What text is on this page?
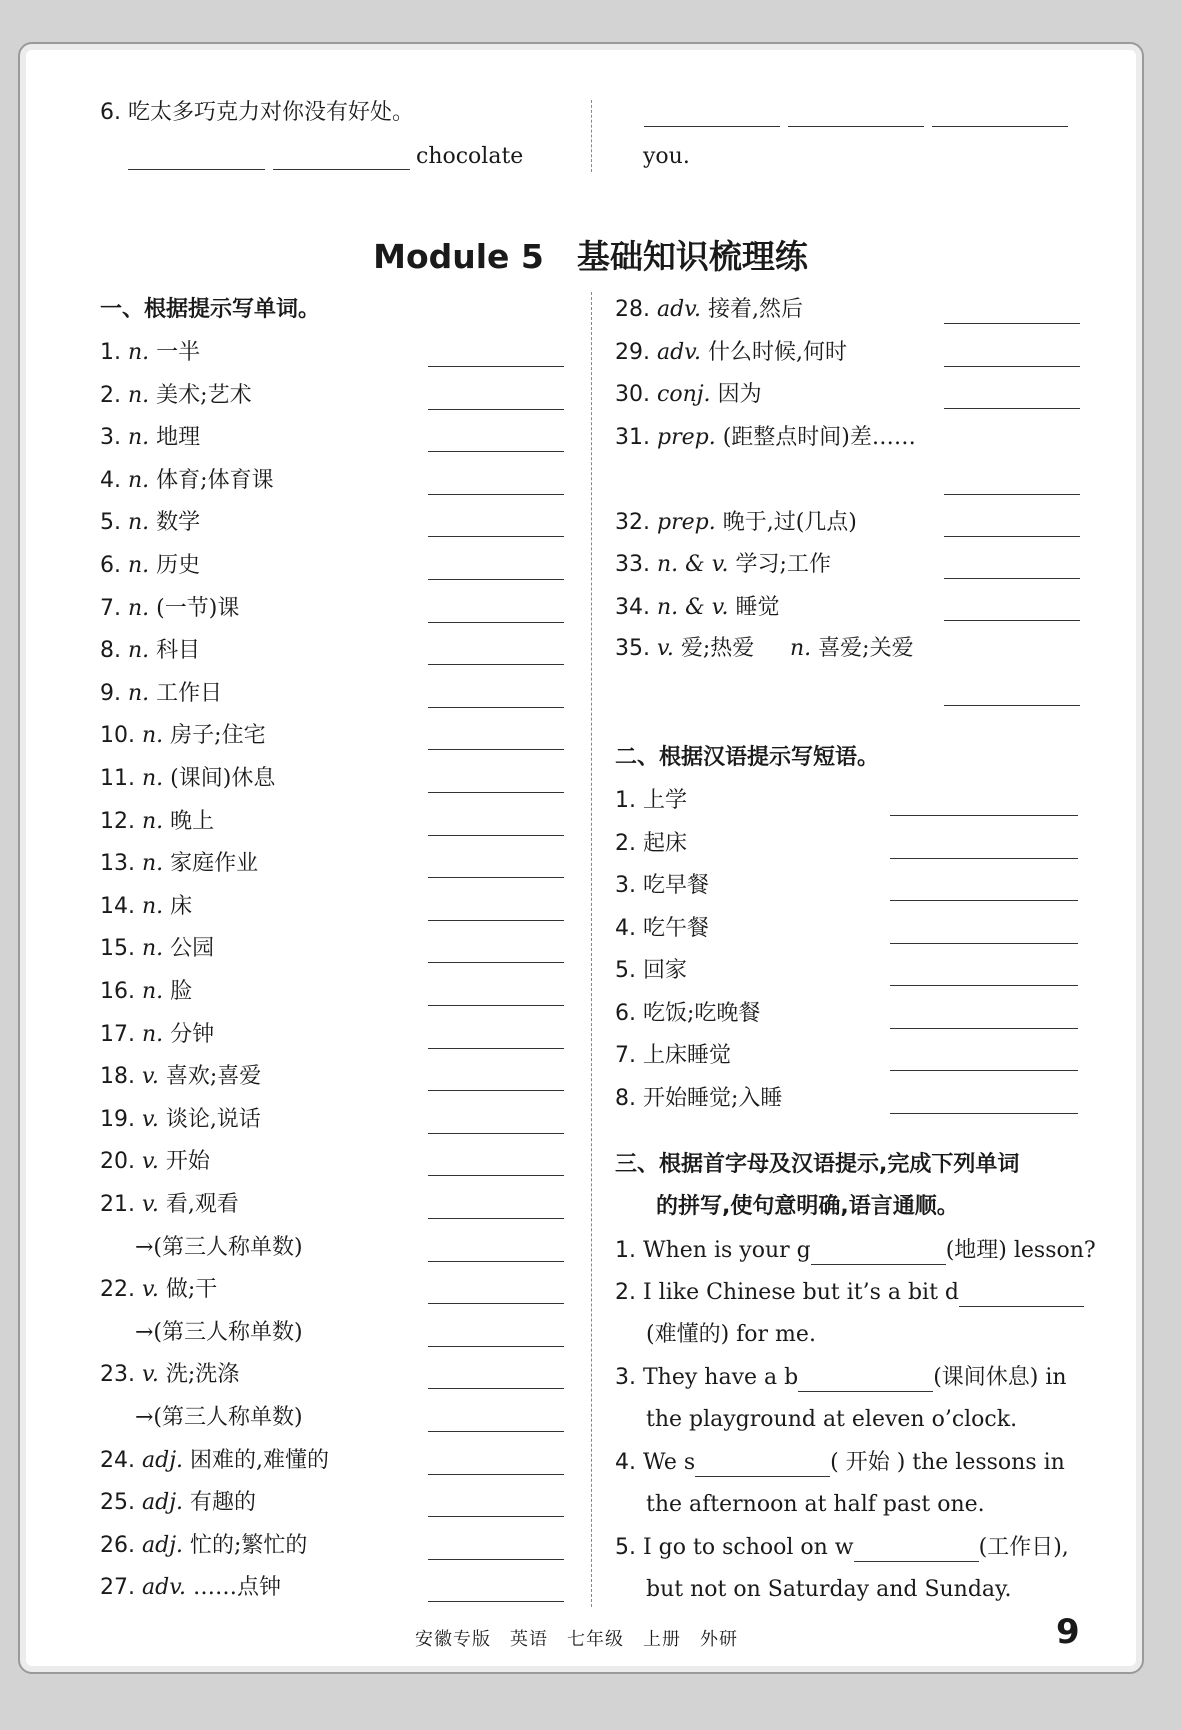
6. 吃太多巧克力对你没有好处。
chocolate	you.
Module 5　基础知识梳理练
一、根据提示写单词。
1. n. 一半
2. n. 美术;艺术
3. n. 地理
4. n. 体育;体育课
5. n. 数学
6. n. 历史
7. n. (一节)课
8. n. 科目
9. n. 工作日
10. n. 房子;住宅
11. n. (课间)休息
12. n. 晚上
13. n. 家庭作业
14. n. 床
15. n. 公园
16. n. 脸
17. n. 分钟
18. v. 喜欢;喜爱
19. v. 谈论,说话
20. v. 开始
21. v. 看,观看
→(第三人称单数)
22. v. 做;干
→(第三人称单数)
23. v. 洗;洗涤
→(第三人称单数)
24. adj. 困难的,难懂的
25. adj. 有趣的
26. adj. 忙的;繁忙的
27. adv. ……点钟
28. adv. 接着,然后
29. adv. 什么时候,何时
30. conj. 因为
31. prep. (距整点时间)差……
32. prep. 晚于,过(几点)
33. n. & v. 学习;工作
34. n. & v. 睡觉
35. v. 爱;热爱 n. 喜爱;关爱
二、根据汉语提示写短语。
1. 上学
2. 起床
3. 吃早餐
4. 吃午餐
5. 回家
6. 吃饭;吃晚餐
7. 上床睡觉
8. 开始睡觉;入睡
三、根据首字母及汉语提示,完成下列单词
的拼写,使句意明确,语言通顺。
1. When is your g	(地理) lesson?
2. I like Chinese but it’s a bit d
(难懂的) for me.
3. They have a b	(课间休息) in
the playground at eleven o’clock.
4. We s	( 开始 ) the lessons in
the afternoon at half past one.
5. I go to school on w	(工作日),
but not on Saturday and Sunday.
安徽专版　英语　七年级　上册　外研	9
